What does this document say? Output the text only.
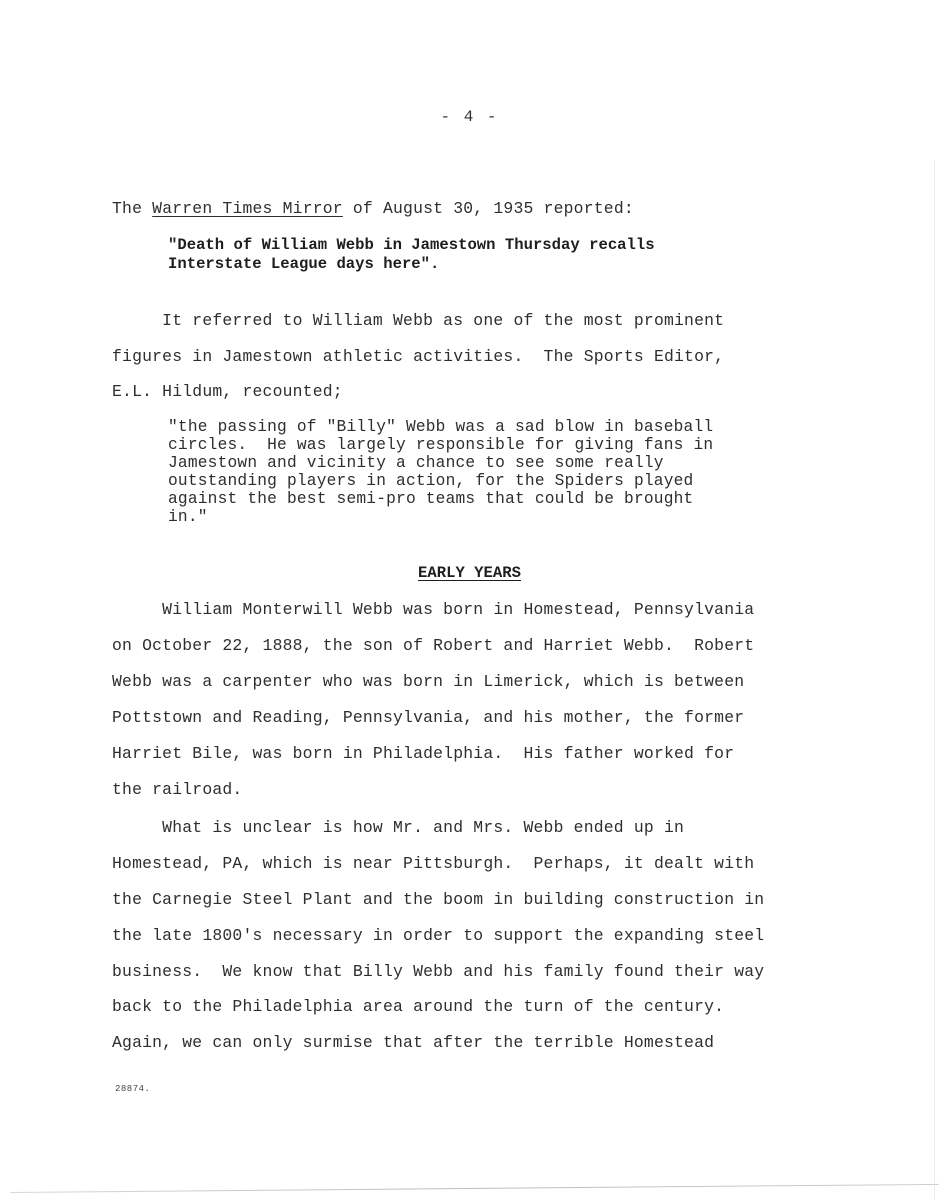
- 4 -
The Warren Times Mirror of August 30, 1935 reported:
"Death of William Webb in Jamestown Thursday recalls
Interstate League days here".
It referred to William Webb as one of the most prominent
figures in Jamestown athletic activities.  The Sports Editor,
E.L. Hildum, recounted;
"the passing of "Billy" Webb was a sad blow in baseball
circles.  He was largely responsible for giving fans in
Jamestown and vicinity a chance to see some really
outstanding players in action, for the Spiders played
against the best semi-pro teams that could be brought
in."
EARLY YEARS
William Monterwill Webb was born in Homestead, Pennsylvania
on October 22, 1888, the son of Robert and Harriet Webb.  Robert
Webb was a carpenter who was born in Limerick, which is between
Pottstown and Reading, Pennsylvania, and his mother, the former
Harriet Bile, was born in Philadelphia.  His father worked for
the railroad.
What is unclear is how Mr. and Mrs. Webb ended up in
Homestead, PA, which is near Pittsburgh.  Perhaps, it dealt with
the Carnegie Steel Plant and the boom in building construction in
the late 1800's necessary in order to support the expanding steel
business.  We know that Billy Webb and his family found their way
back to the Philadelphia area around the turn of the century.
Again, we can only surmise that after the terrible Homestead
28874.
